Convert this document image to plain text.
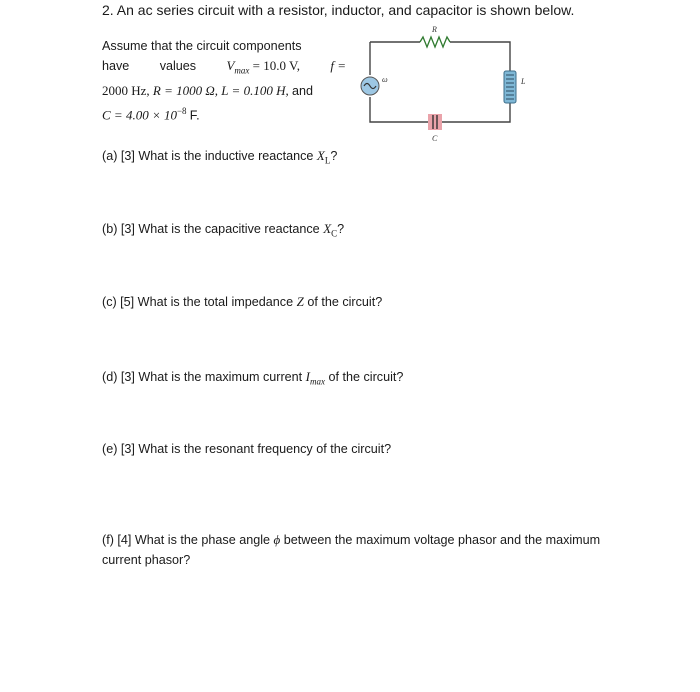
2. An ac series circuit with a resistor, inductor, and capacitor is shown below.
Assume that the circuit components
have values $V_{max} = 10.0$ V, f =
2000 Hz, R = 1000 Ω, L = 0.100 H, and
$C = 4.00 \times 10^{-8}$ F.
ω
R
L
C
(a) [3] What is the inductive reactance $X_L$?
(b) [3] What is the capacitive reactance $X_C$?
(c) [5] What is the total impedance Z of the circuit?
(d) [3] What is the maximum current $I_{max}$ of the circuit?
(e) [3] What is the resonant frequency of the circuit?
(f) [4] What is the phase angle ϕ between the maximum voltage phasor and the maximum current phasor?
